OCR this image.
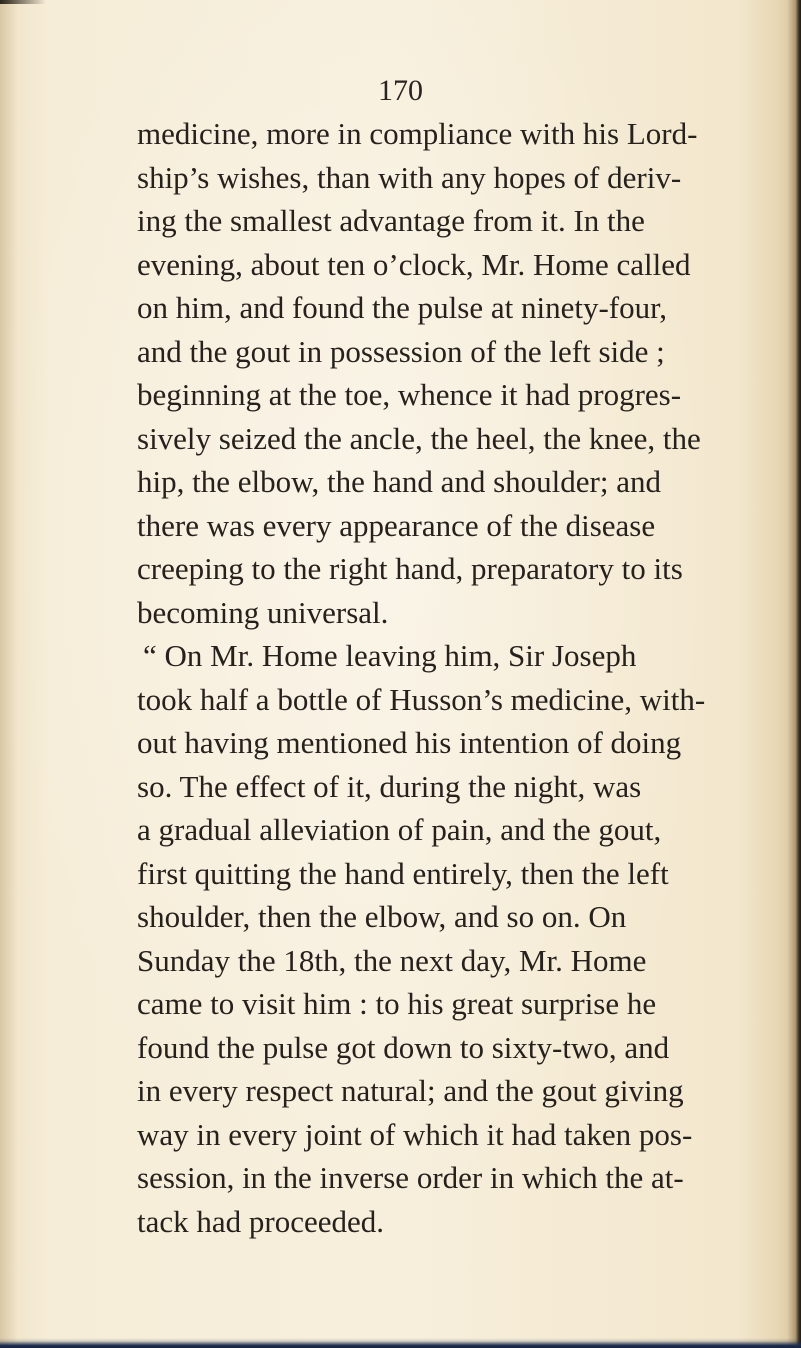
170
medicine, more in compliance with his Lord-
ship’s wishes, than with any hopes of deriv-
ing the smallest advantage from it. In the
evening, about ten o’clock, Mr. Home called
on him, and found the pulse at ninety-four,
and the gout in possession of the left side ;
beginning at the toe, whence it had progres-
sively seized the ancle, the heel, the knee, the
hip, the elbow, the hand and shoulder; and
there was every appearance of the disease
creeping to the right hand, preparatory to its
becoming universal.
“ On Mr. Home leaving him, Sir Joseph
took half a bottle of Husson’s medicine, with-
out having mentioned his intention of doing
so. The effect of it, during the night, was
a gradual alleviation of pain, and the gout,
first quitting the hand entirely, then the left
shoulder, then the elbow, and so on. On
Sunday the 18th, the next day, Mr. Home
came to visit him : to his great surprise he
found the pulse got down to sixty-two, and
in every respect natural; and the gout giving
way in every joint of which it had taken pos-
session, in the inverse order in which the at-
tack had proceeded.
